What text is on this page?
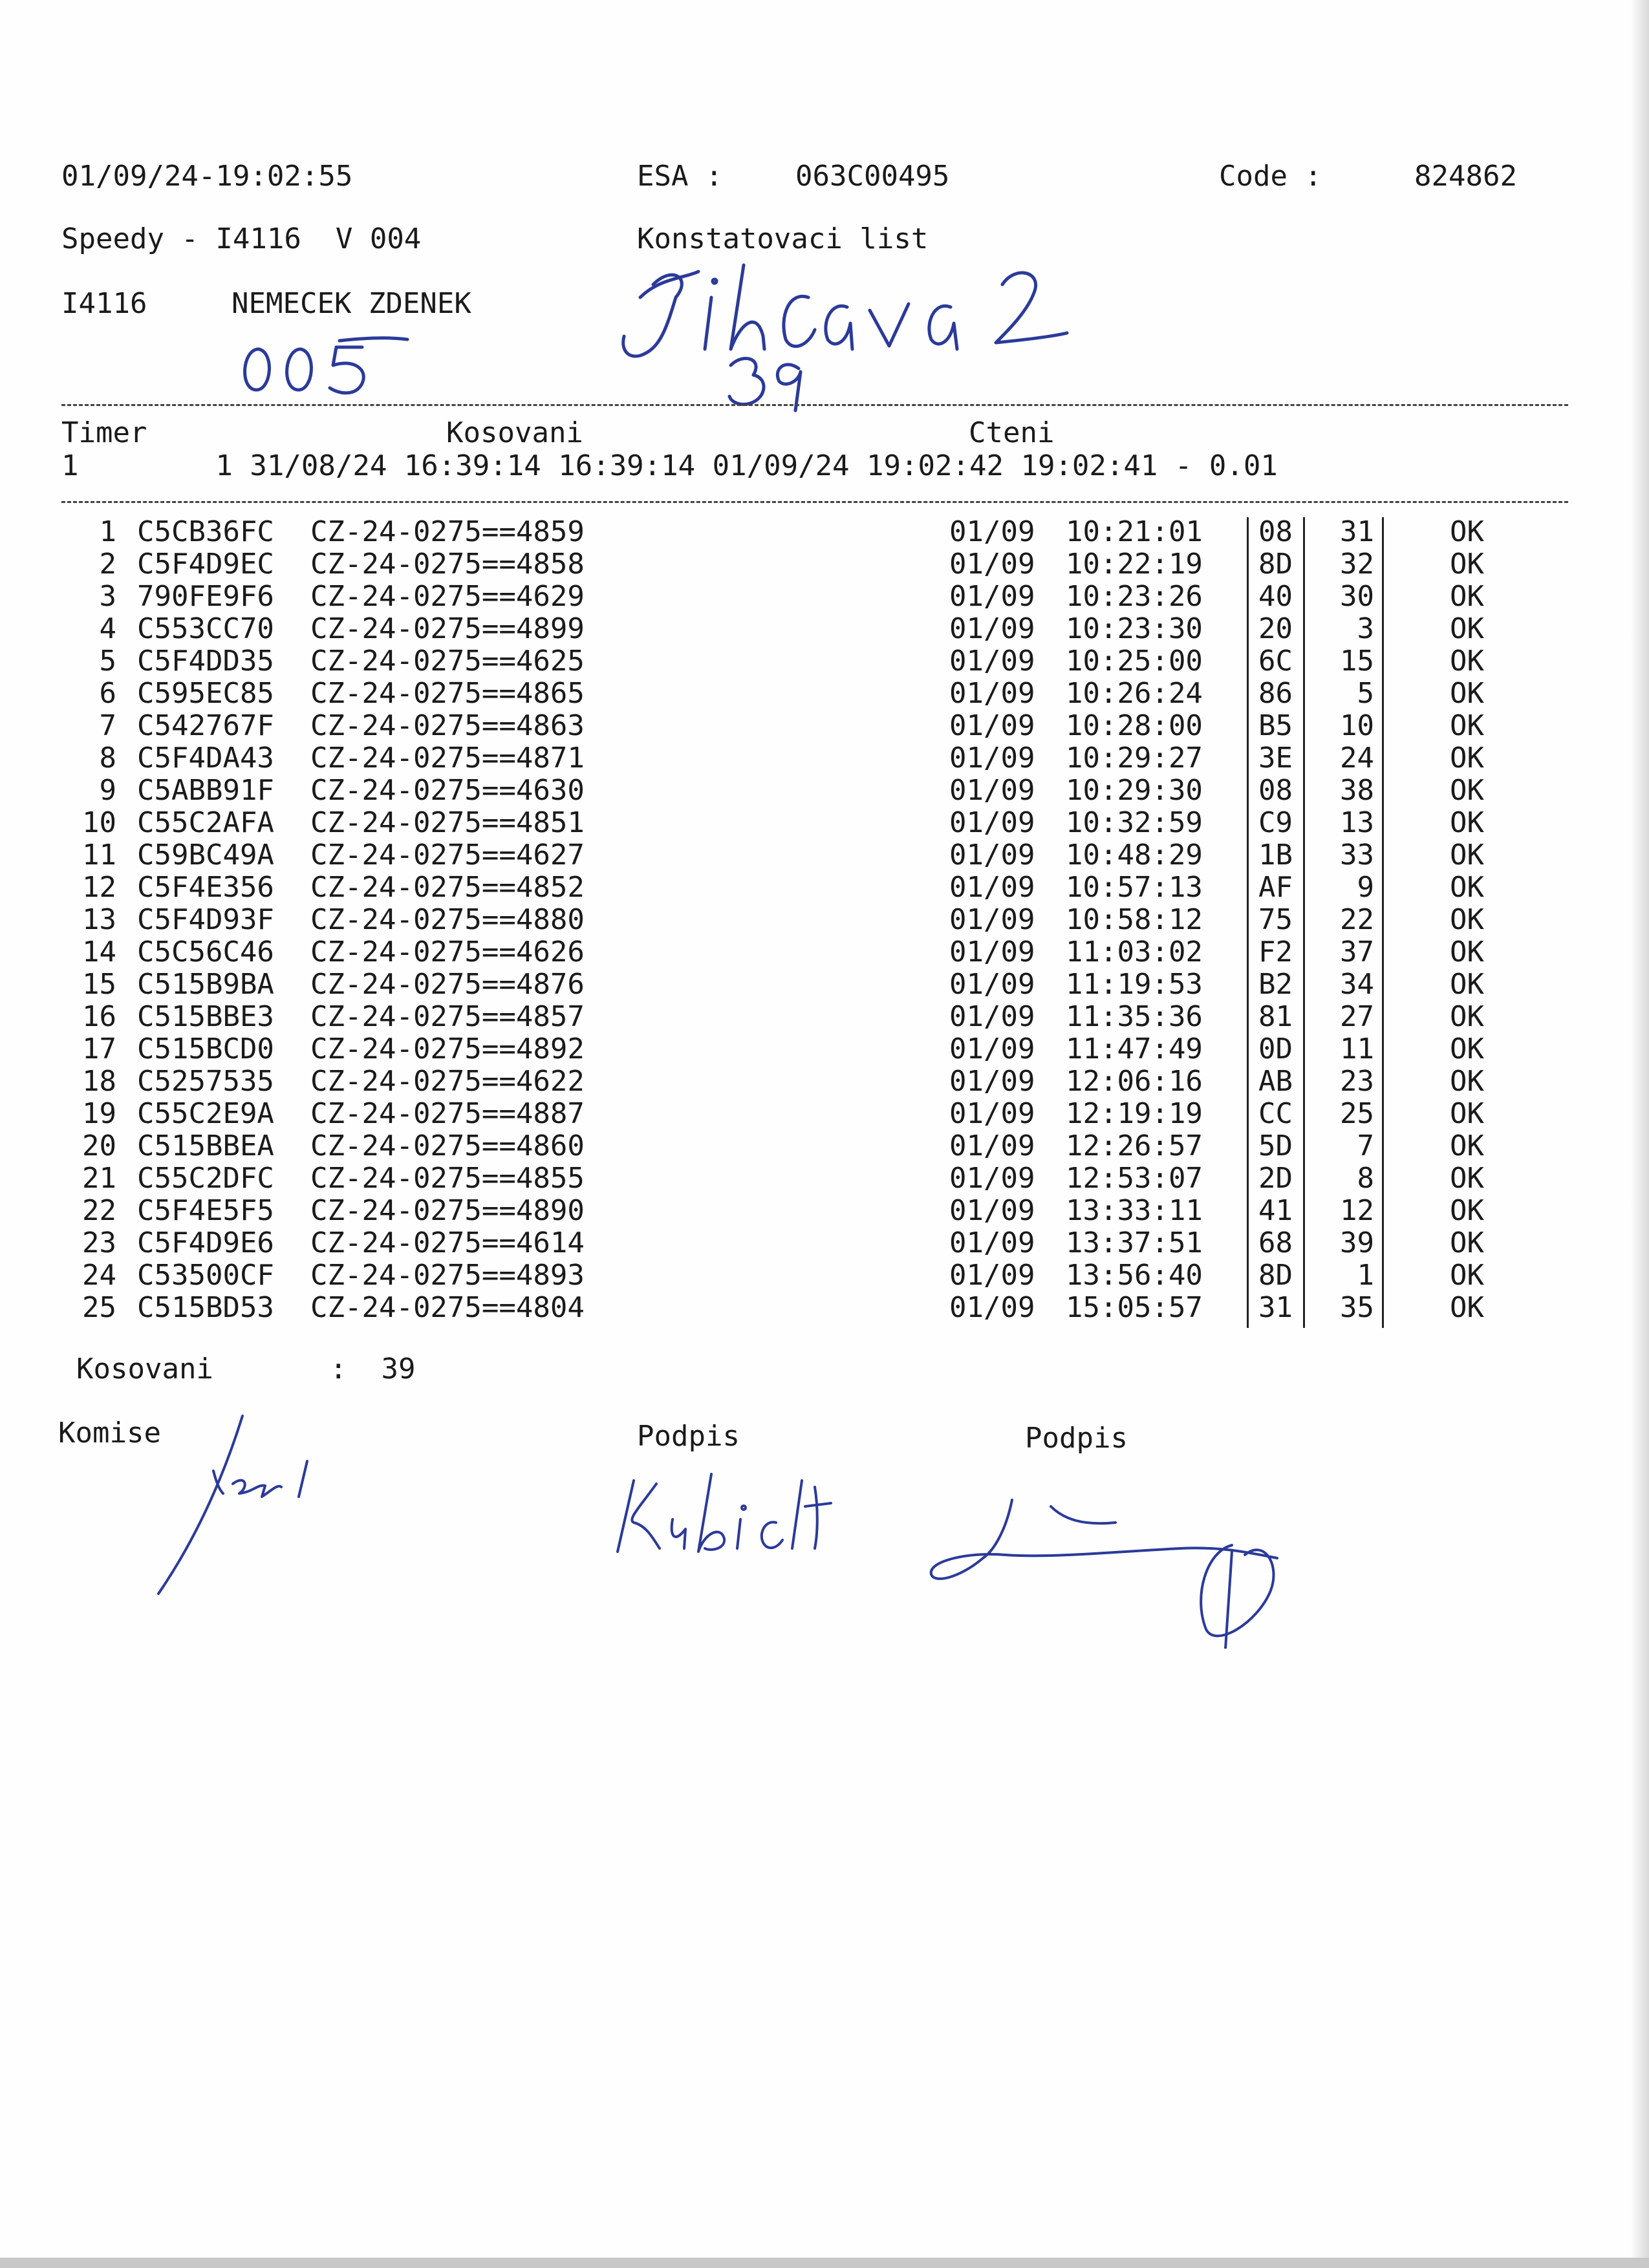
01/09/24-19:02:55	ESA :	063C00495	Code :	824862
Speedy - I4116  V 004	Konstatovaci list
I4116	NEMECEK ZDENEK
Timer	Kosovani	Cteni
1        1 31/08/24 16:39:14 16:39:14 01/09/24 19:02:42 19:02:41 - 0.01
1 C5CB36FC CZ-24-0275==4859	01/09 10:21:01 08	31	OK
2 C5F4D9EC CZ-24-0275==4858	01/09 10:22:19 8D	32	OK
3 790FE9F6 CZ-24-0275==4629	01/09 10:23:26 40	30	OK
4 C553CC70 CZ-24-0275==4899	01/09 10:23:30 20	3	OK
5 C5F4DD35 CZ-24-0275==4625	01/09 10:25:00 6C	15	OK
6 C595EC85 CZ-24-0275==4865	01/09 10:26:24 86	5	OK
7 C542767F CZ-24-0275==4863	01/09 10:28:00 B5	10	OK
8 C5F4DA43 CZ-24-0275==4871	01/09 10:29:27 3E	24	OK
9 C5ABB91F CZ-24-0275==4630	01/09 10:29:30 08	38	OK
10 C55C2AFA CZ-24-0275==4851	01/09 10:32:59 C9	13	OK
11 C59BC49A CZ-24-0275==4627	01/09 10:48:29 1B	33	OK
12 C5F4E356 CZ-24-0275==4852	01/09 10:57:13 AF	9	OK
13 C5F4D93F CZ-24-0275==4880	01/09 10:58:12 75	22	OK
14 C5C56C46 CZ-24-0275==4626	01/09 11:03:02 F2	37	OK
15 C515B9BA CZ-24-0275==4876	01/09 11:19:53 B2	34	OK
16 C515BBE3 CZ-24-0275==4857	01/09 11:35:36 81	27	OK
17 C515BCD0 CZ-24-0275==4892	01/09 11:47:49 0D	11	OK
18 C5257535 CZ-24-0275==4622	01/09 12:06:16 AB	23	OK
19 C55C2E9A CZ-24-0275==4887	01/09 12:19:19 CC	25	OK
20 C515BBEA CZ-24-0275==4860	01/09 12:26:57 5D	7	OK
21 C55C2DFC CZ-24-0275==4855	01/09 12:53:07 2D	8	OK
22 C5F4E5F5 CZ-24-0275==4890	01/09 13:33:11 41	12	OK
23 C5F4D9E6 CZ-24-0275==4614	01/09 13:37:51 68	39	OK
24 C53500CF CZ-24-0275==4893	01/09 13:56:40 8D	1	OK
25 C515BD53 CZ-24-0275==4804	01/09 15:05:57 31	35	OK
Kosovani	:  39
Komise	Podpis	Podpis
